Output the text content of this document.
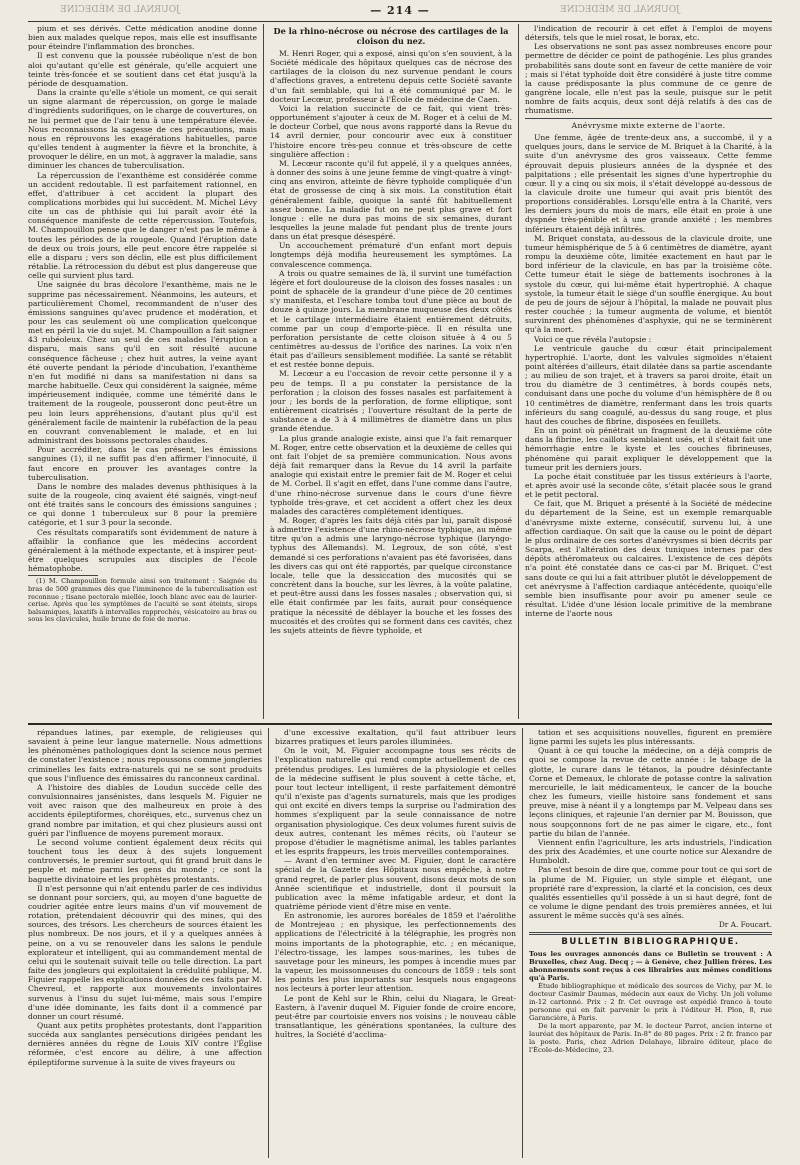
JOURNAL DE MÉDECINE	— 214 —	JOURNAL DE MÉDECINE

pium et ses dérivés. Cette médication anodine donne bien aux malades quelque repos, mais elle est insuffisante pour éteindre l'inflammation des bronches.

Il est convenu que la poussée rubéolique n'est de bon aloi qu'autant qu'elle est générale, qu'elle acquiert une teinte très-foncée et se soutient dans cet état jusqu'à la période de desquamation.

Dans la crainte qu'elle s'étiole un moment, ce qui serait un signe alarmant de répercussion, on gorge le malade d'ingrédients sudorifiques, on le charge de couvertures, on ne lui permet que de l'air tenu à une température élevée. Nous reconnaissons la sagesse de ces précautions, mais nous en réprouvons les exagérations habituelles, parce qu'elles tendent à augmenter la fièvre et la bronchite, à provoquer le délire, en un mot, à aggraver la maladie, sans diminuer les chances de tuberculisation.

La répercussion de l'exanthème est considérée comme un accident redoutable. Il est parfaitement rationnel, en effet, d'attribuer à cet accident la plupart des complications morbides qui lui succèdent. M. Michel Lévy cite un cas de phthisie qui lui paraît avoir été la conséquence manifeste de cette répercussion. Toutefois, M. Champouillon pense que le danger n'est pas le même à toutes les périodes de la rougeole. Quand l'éruption date de deux ou trois jours, elle peut encore être rappelée si elle a disparu ; vers son déclin, elle est plus difficilement rétablie. La rétrocession du début est plus dangereuse que celle qui survient plus tard.

Une saignée du bras décolore l'exanthème, mais ne le supprime pas nécessairement. Néanmoins, les auteurs, et particulièrement Chomel, recommandent de n'user des émissions sanguines qu'avec prudence et modération, et pour les cas seulement où une complication quelconque met en péril la vie du sujet. M. Champouillon a fait saigner 43 rubéoleux. Chez un seul de ces malades l'éruption a disparu, mais sans qu'il en soit résulté aucune conséquence fâcheuse ; chez huit autres, la veine ayant été ouverte pendant la période d'incubation, l'exanthème n'en fut modifié ni dans sa manifestation ni dans sa marche habituelle. Ceux qui considèrent la saignée, même impérieusement indiquée, comme une témérité dans le traitement de la rougeole, pousseront donc peut-être un peu loin leurs appréhensions, d'autant plus qu'il est généralement facile de maintenir la rubéfaction de la peau en couvrant convenablement le malade, et en lui administrant des boissons pectorales chaudes.

Pour accréditer, dans le cas présent, les émissions sanguines (1), il ne suffit pas d'en affirmer l'innocuité, il faut encore en prouver les avantages contre la tuberculisation.

Dans le nombre des malades devenus phthisiques à la suite de la rougeole, cinq avaient été saignés, vingt-neuf ont été traités sans le concours des émissions sanguines ; ce qui donne 1 tuberculeux sur 8 pour la première catégorie, et 1 sur 3 pour la seconde.

Ces résultats comparatifs sont évidemment de nature à affaiblir la confiance que les médecins accordent généralement à la méthode expectante, et à inspirer peut-être quelques scrupules aux disciples de l'école hématophobe.

(1) M. Champouillon formule ainsi son traitement : Saignée du bras de 500 grammes dès que l'imminence de la tuberculisation est reconnue ; tisane pectorale miellée, looch blanc avec eau de laurier-cerise. Après que les symptômes de l'acuité se sont éteints, sirops balsamiques, laxatifs à intervalles rapprochés, vésicatoire au bras ou sous les clavicules, huile brune de foie de morue.

De la rhino-nécrose ou nécrose des cartilages de la cloison du nez.

M. Henri Roger, qui a exposé, ainsi qu'on s'en souvient, à la Société médicale des hôpitaux quelques cas de nécrose des cartilages de la cloison du nez survenue pendant le cours d'affections graves, a entretenu depuis cette Société savante d'un fait semblable, qui lui a été communiqué par M. le docteur Lecœur, professeur à l'École de médecine de Caen.

Voici la relation succincte de ce fait, qui vient très-opportunément s'ajouter à ceux de M. Roger et à celui de M. le docteur Corbel, que nous avons rapporté dans la Revue du 14 avril dernier, pour concourir avec eux à constituer l'histoire encore très-peu connue et très-obscure de cette singulière affection :

M. Lecœur raconte qu'il fut appelé, il y a quelques années, à donner des soins à une jeune femme de vingt-quatre à vingt-cinq ans environ, atteinte de fièvre typhoïde compliquée d'un état de grossesse de cinq à six mois. La constitution était généralement faible, quoique la santé fût habituellement assez bonne. La maladie fut on ne peut plus grave et fort longue : elle ne dura pas moins de six semaines, durant lesquelles la jeune malade fut pendant plus de trente jours dans un état presque désespéré.

Un accouchement prématuré d'un enfant mort depuis longtemps déjà modifia heureusement les symptômes. La convalescence commença.

A trois ou quatre semaines de là, il survint une tuméfaction légère et fort douloureuse de la cloison des fosses nasales : un point de sphacèle de la grandeur d'une pièce de 20 centimes s'y manifesta, et l'eschare tomba tout d'une pièce au bout de douze à quinze jours. La membrane muqueuse des deux côtés et le cartilage intermédiaire étaient entièrement détruits, comme par un coup d'emporte-pièce. Il en résulta une perforation persistante de cette cloison située à 4 ou 5 centimètres au-dessus de l'orifice des narines. La voix n'en était pas d'ailleurs sensiblement modifiée. La santé se rétablit et est restée bonne depuis.

M. Lecœur a eu l'occasion de revoir cette personne il y a peu de temps. Il a pu constater la persistance de la perforation ; la cloison des fosses nasales est parfaitement à jour ; les bords de la perforation, de forme elliptique, sont entièrement cicatrisés ; l'ouverture résultant de la perte de substance a de 3 à 4 millimètres de diamètre dans un plus grande étendue.

La plus grande analogie existe, ainsi que l'a fait remarquer M. Roger, entre cette observation et la deuxième de celles qui ont fait l'objet de sa première communication. Nous avons déjà fait remarquer dans la Revue du 14 avril la parfaite analogie qui existait entre le premier fait de M. Roger et celui de M. Corbel. Il s'agit en effet, dans l'une comme dans l'autre, d'une rhino-nécrose survenue dans le cours d'une fièvre typhoïde très-grave, et cet accident a offert chez les deux malades des caractères complétement identiques.

M. Roger, d'après les faits déjà cités par lui, paraît disposé à admettre l'existence d'une rhino-nécrose typhique, au même titre qu'on a admis une laryngo-nécrose typhique (laryngo-typhus des Allemands). M. Legroux, de son côté, s'est demandé si ces perforations n'avaient pas été favorisées, dans les divers cas qui ont été rapportés, par quelque circonstance locale, telle que la dessiccation des mucosités qui se concrètent dans la bouche, sur les lèvres, à la voûte palatine, et peut-être aussi dans les fosses nasales ; observation qui, si elle était confirmée par les faits, aurait pour conséquence pratique la nécessité de déblayer la bouche et les fosses des mucosités et des croûtes qui se forment dans ces cavités, chez les sujets atteints de fièvre typhoïde, et

l'indication de recourir à cet effet à l'emploi de moyens détersifs, tels que le miel rosat, le borax, etc.

Les observations ne sont pas assez nombreuses encore pour permettre de décider ce point de pathogénie. Les plus grandes probabilités sans doute sont en faveur de cette manière de voir ; mais si l'état typhoïde doit être considéré à juste titre comme la cause prédisposante la plus commune de ce genre de gangrène locale, elle n'est pas la seule, puisque sur le petit nombre de faits acquis, deux sont déjà relatifs à des cas de rhumatisme.

Anévrysme mixte externe de l'aorte.

Une femme, âgée de trente-deux ans, a succombé, il y a quelques jours, dans le service de M. Briquet à la Charité, à la suite d'un anévrysme des gros vaisseaux. Cette femme éprouvait depuis plusieurs années de la dyspnée et des palpitations ; elle présentait les signes d'une hypertrophie du cœur. Il y a cinq ou six mois, il s'était développé au-dessous de la clavicule droite une tumeur qui avait pris bientôt des proportions considérables. Lorsqu'elle entra à la Charité, vers les derniers jours du mois de mars, elle était en proie à une dyspnée très-pénible et à une grande anxiété ; les membres inférieurs étaient déjà infiltrés.

M. Briquet constata, au-dessous de la clavicule droite, une tumeur hémisphérique de 5 à 6 centimètres de diamètre, ayant rompu la deuxième côte, limitée exactement en haut par le bord inférieur de la clavicule, en bas par la troisième côte. Cette tumeur était le siège de battements isochrones à la systole du cœur, qui lui-même était hypertrophié. A chaque systole, la tumeur était le siège d'un souffle énergique. Au bout de peu de jours de séjour à l'hôpital, la malade ne pouvait plus rester couchée ; la tumeur augmenta de volume, et bientôt survinrent des phénomènes d'asphyxie, qui ne se terminèrent qu'à la mort.

Voici ce que révéla l'autopsie :

Le ventricule gauche du cœur était principalement hypertrophié. L'aorte, dont les valvules sigmoïdes n'étaient point altérées d'ailleurs, était dilatée dans sa partie ascendante ; au milieu de son trajet, et à travers sa paroi droite, était un trou du diamètre de 3 centimètres, à bords coupés nets, conduisant dans une poche du volume d'un hémisphère de 8 ou 10 centimètres de diamètre, renfermant dans les trois quarts inférieurs du sang coagulé, au-dessus du sang rouge, et plus haut des couches de fibrine, disposées en feuillets.

En un point où pénétrait un fragment de la deuxième côte dans la fibrine, les caillots semblaient usés, et il s'était fait une hémorrhagie entre le kyste et les couches fibrineuses, phénomène qui parait expliquer le développement que la tumeur prit les derniers jours.

La poche était constituée par les tissus extérieurs à l'aorte, et après avoir usé la seconde côte, s'était placée sous le grand et le petit pectoral.

Ce fait, que M. Briquet a présenté à la Société de médecine du département de la Seine, est un exemple remarquable d'anévrysme mixte externe, consécutif, survenu lui, à une affection cardiaque. On sait que la cause ou le point de départ le plus ordinaire de ces sortes d'anévrysmes si bien décrits par Scarpa, est l'altération des deux tuniques internes par des dépôts athéromateux ou calcaires. L'existence de ces dépôts n'a point été constatée dans ce cas-ci par M. Briquet. C'est sans doute ce qui lui a fait attribuer plutôt le développement de cet anévrysme à l'affection cardiaque antécédente, quoiqu'elle semble bien insuffisante pour avoir pu amener seule ce résultat. L'idée d'une lésion locale primitive de la membrane interne de l'aorte nous

répandues latines, par exemple, de religieuses qui savaient à peine leur langue maternelle. Nous admettions les phénomènes pathologiques dont la science nous permet de constater l'existence ; nous repoussons comme jongleries criminelles les faits extra-naturels qui ne se sont produits que sous l'influence des émissaires du ranconneux cardinal.

A l'histoire des diables de Loudun succède celle des convulsionnaires jansénistes, dans lesquels M. Figuier ne voit avec raison que des malheureux en proie à des accidents épileptiformes, choréiques, etc., survenus chez un grand nombre par imitation, et qui chez plusieurs aussi ont guéri par l'influence de moyens purement moraux.

Le second volume contient également deux récits qui touchent tous les deux à des sujets longuement controversés, le premier surtout, qui fit grand bruit dans le peuple et même parmi les gens du monde ; ce sont la baguette divinatoire et les prophètes protestants.

Il n'est personne qui n'ait entendu parler de ces individus se donnant pour sorciers, qui, au moyen d'une baguette de coudrier agitée entre leurs mains d'un vif mouvement de rotation, prétendaient découvrir qui des mines, qui des sources, des trésors. Les chercheurs de sources étaient les plus nombreux. De nos jours, et il y a quelques années à peine, on a vu se renouveler dans les salons le pendule explorateur et intelligent, qui au commandement mental de celui qui le soutenait suivait telle ou telle direction. La part faite des jongleurs qui exploitaient la crédulité publique, M. Figuier rappelle les explications données de ces faits par M. Chevreul, et rapporte aux mouvements involontaires survenus à l'insu du sujet lui-même, mais sous l'empire d'une idée dominante, les faits dont il a commencé par donner un court résumé.

Quant aux petits prophètes protestants, dont l'apparition succéda aux sanglantes persécutions dirigées pendant les dernières années du règne de Louis XIV contre l'Église réformée, c'est encore au délire, à une affection épileptiforme survenue à la suite de vives frayeurs ou

d'une excessive exaltation, qu'il faut attribuer leurs bizarres pratiques et leurs paroles illuminées.

On le voit, M. Figuier accompagne tous ses récits de l'explication naturelle qui rend compte actuellement de ces prétendus prodiges. Les lumières de la physiologie et celles de la médecine suffisent le plus souvent à cette tâche, et, pour tout lecteur intelligent, il reste parfaitement démontré qu'il n'existe pas d'agents surnaturels, mais que les prodiges qui ont excité en divers temps la surprise ou l'admiration des hommes s'expliquent par la seule connaissance de notre organisation physiologique. Ces deux volumes furent suivis de deux autres, contenant les mêmes récits, où l'auteur se propose d'étudier le magnétisme animal, les tables parlantes et les esprits frappeurs, les trois merveilles contemporaines.

— Avant d'en terminer avec M. Figuier, dont le caractère spécial de la Gazette des Hôpitaux nous empêche, à notre grand regret, de parler plus souvent, disons deux mots de son Année scientifique et industrielle, dont il poursuit la publication avec la même infatigable ardeur, et dont la quatrième période vient d'être mise en vente.

En astronomie, les aurores boréales de 1859 et l'aérolithe de Montrejeau ; en physique, les perfectionnements des applications de l'électricité à la télégraphie, les progrès non moins importants de la photographie, etc. ; en mécanique, l'électro-tissage, les lampes sous-marines, les tubes de sauvetage pour les mineurs, les pompes à incendie mues par la vapeur, les moissonneuses du concours de 1859 : tels sont les points les plus importants sur lesquels nous engageons nos lecteurs à porter leur attention.

Le pont de Kehl sur le Rhin, celui du Niagara, le Great-Eastern, à l'avenir duquel M. Figuier fonde de croire encore, peut-être par courtoisie envers nos voisins ; le nouveau câble transatlantique, les générations spontanées, la culture des huîtres, la Société d'acclima-

tation et ses acquisitions nouvelles, figurent en première ligne parmi les sujets les plus intéressants.

Quant à ce qui touche la médecine, on a déjà compris de quoi se compose la revue de cette année : le tabage de la glotte, le curare dans le tétanos, la poudre désinfectante Corne et Demeaux, le chlorate de potasse contre la salivation mercurielle, le lait médicamenteux, le cancer de la bouche chez les fumeurs, vieille histoire sans fondement et sans preuve, mise à néant il y a longtemps par M. Velpeau dans ses leçons cliniques, et rajeunie l'an dernier par M. Bouisson, que nous soupçonnons fort de ne pas aimer le cigare, etc., font partie du bilan de l'année.

Viennent enfin l'agriculture, les arts industriels, l'indication des prix des Académies, et une courte notice sur Alexandre de Humboldt.

Pas n'est besoin de dire que, comme pour tout ce qui sort de la plume de M. Figuier, un style simple et élégant, une propriété rare d'expression, la clarté et la concision, ces deux qualités essentielles qu'il possède à un si haut degré, font de ce volume le digne pendant des trois premières années, et lui assurent le même succès qu'à ses aînés.

Dr A. Foucart.

BULLETIN BIBLIOGRAPHIQUE.

Tous les ouvrages annoncés dans ce Bulletin se trouvent : A Bruxelles, chez Aug. Decq ; — à Genève, chez Jullien frères. Les abonnements sont reçus à ces librairies aux mêmes conditions qu'à Paris.

Étude bibliographique et médicale des sources de Vichy, par M. le docteur Casimir Daumas, médecin aux eaux de Vichy. Un joli volume in-12 cartonné. Prix : 2 fr. Cet ouvrage est expédié franco à toute personne qui en fait parvenir le prix à l'éditeur H. Plon, 8, rue Garancière, à Paris.

De la mort apparente, par M. le docteur Parrot, ancien interne et lauréat des hôpitaux de Paris. In-8° de 80 pages. Prix : 2 fr. franco par la poste. Paris, chez Adrien Delahaye, libraire éditeur, place de l'École-de-Médecine, 23.
